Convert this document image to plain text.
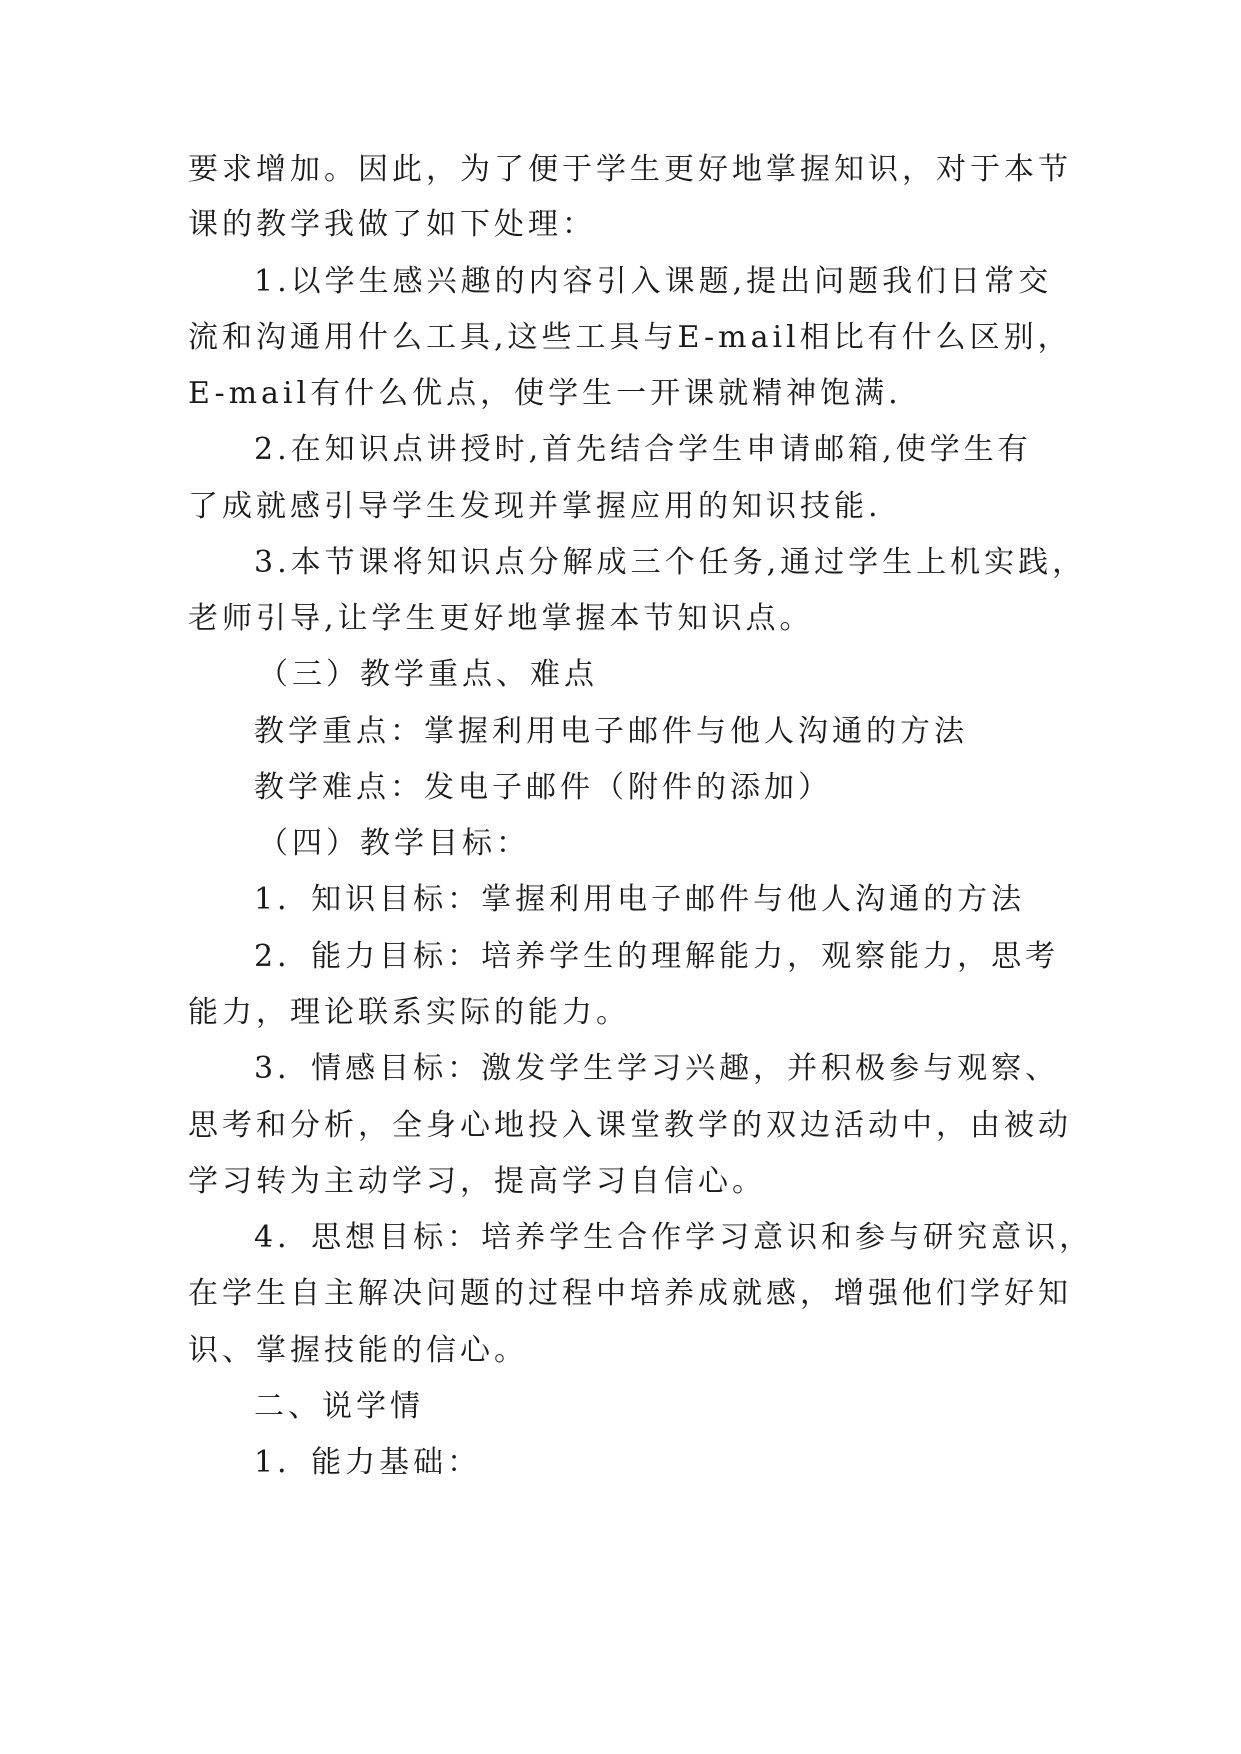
要求增加。因此，为了便于学生更好地掌握知识，对于本节
课的教学我做了如下处理：
1.以学生感兴趣的内容引入课题,提出问题我们日常交
流和沟通用什么工具,这些工具与E-mail相比有什么区别，
E-mail有什么优点，使学生一开课就精神饱满.
2.在知识点讲授时,首先结合学生申请邮箱,使学生有
了成就感引导学生发现并掌握应用的知识技能.
3.本节课将知识点分解成三个任务,通过学生上机实践，
老师引导,让学生更好地掌握本节知识点。
（三）教学重点、难点
教学重点：掌握利用电子邮件与他人沟通的方法
教学难点：发电子邮件（附件的添加）
（四）教学目标：
1．知识目标：掌握利用电子邮件与他人沟通的方法
2．能力目标：培养学生的理解能力，观察能力，思考
能力，理论联系实际的能力。
3．情感目标：激发学生学习兴趣，并积极参与观察、
思考和分析，全身心地投入课堂教学的双边活动中，由被动
学习转为主动学习，提高学习自信心。
4．思想目标：培养学生合作学习意识和参与研究意识，
在学生自主解决问题的过程中培养成就感，增强他们学好知
识、掌握技能的信心。
二、说学情
1．能力基础：
